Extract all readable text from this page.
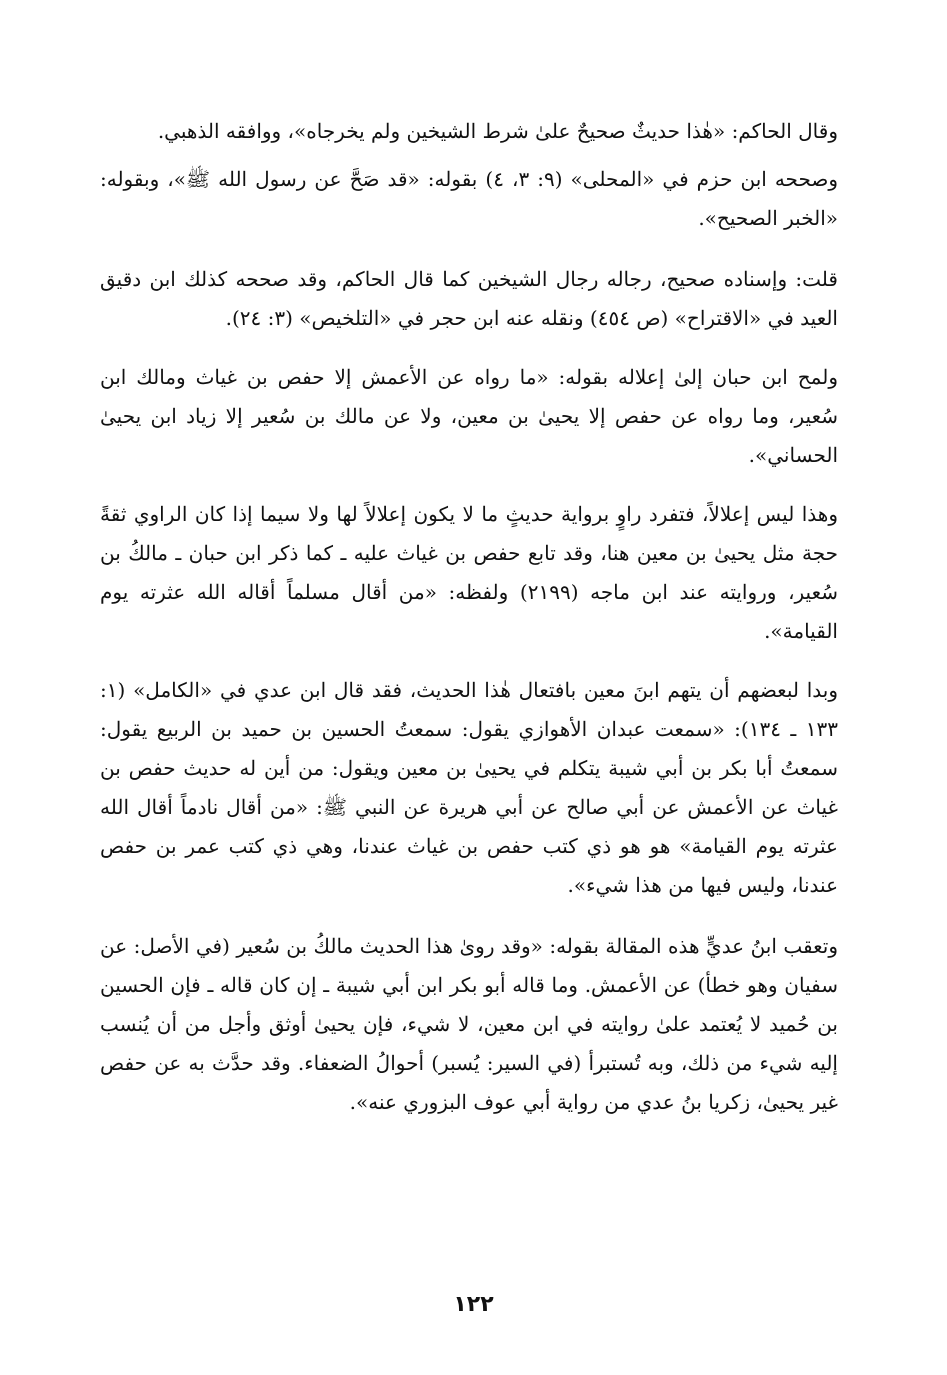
وقال الحاكم: «هٰذا حديثٌ صحيحٌ علىٰ شرط الشيخين ولم يخرجاه»، ووافقه الذهبي.

وصححه ابن حزم في «المحلى» (٩: ٣، ٤) بقوله: «قد صَحَّ عن رسول الله ﷺ»، وبقوله: «الخبر الصحيح».

قلت: وإسناده صحيح، رجاله رجال الشيخين كما قال الحاكم، وقد صححه كذلك ابن دقيق العيد في «الاقتراح» (ص ٤٥٤) ونقله عنه ابن حجر في «التلخيص» (٣: ٢٤).

ولمح ابن حبان إلىٰ إعلاله بقوله: «ما رواه عن الأعمش إلا حفص بن غياث ومالك ابن سُعير، وما رواه عن حفص إلا يحيىٰ بن معين، ولا عن مالك بن سُعير إلا زياد ابن يحيىٰ الحساني».

وهذا ليس إعلالاً، فتفرد راوٍ برواية حديثٍ ما لا يكون إعلالاً لها ولا سيما إذا كان الراوي ثقةً حجة مثل يحيىٰ بن معين هنا، وقد تابع حفص بن غياث عليه ـ كما ذكر ابن حبان ـ مالكُ بن سُعير، وروايته عند ابن ماجه (٢١٩٩) ولفظه: «من أقال مسلماً أقاله الله عثرته يوم القيامة».

وبدا لبعضهم أن يتهم ابنَ معين بافتعال هٰذا الحديث، فقد قال ابن عدي في «الكامل» (١: ١٣٣ ـ ١٣٤): «سمعت عبدان الأهوازي يقول: سمعتُ الحسين بن حميد بن الربيع يقول: سمعتُ أبا بكر بن أبي شيبة يتكلم في يحيىٰ بن معين ويقول: من أين له حديث حفص بن غياث عن الأعمش عن أبي صالح عن أبي هريرة عن النبي ﷺ: «من أقال نادماً أقال الله عثرته يوم القيامة» هو هو ذي كتب حفص بن غياث عندنا، وهي ذي كتب عمر بن حفص عندنا، وليس فيها من هذا شيء».

وتعقب ابنُ عديٍّ هذه المقالة بقوله: «وقد روىٰ هذا الحديث مالكُ بن سُعير (في الأصل: عن سفيان وهو خطأ) عن الأعمش. وما قاله أبو بكر ابن أبي شيبة ـ إن كان قاله ـ فإن الحسين بن حُميد لا يُعتمد علىٰ روايته في ابن معين، لا شيء، فإن يحيىٰ أوثق وأجل من أن يُنسب إليه شيء من ذلك، وبه تُستبرأ (في السير: يُسبر) أحوالُ الضعفاء. وقد حدَّث به عن حفص غير يحيىٰ، زكريا بنُ عدي من رواية أبي عوف البزوري عنه».

١٢٢
